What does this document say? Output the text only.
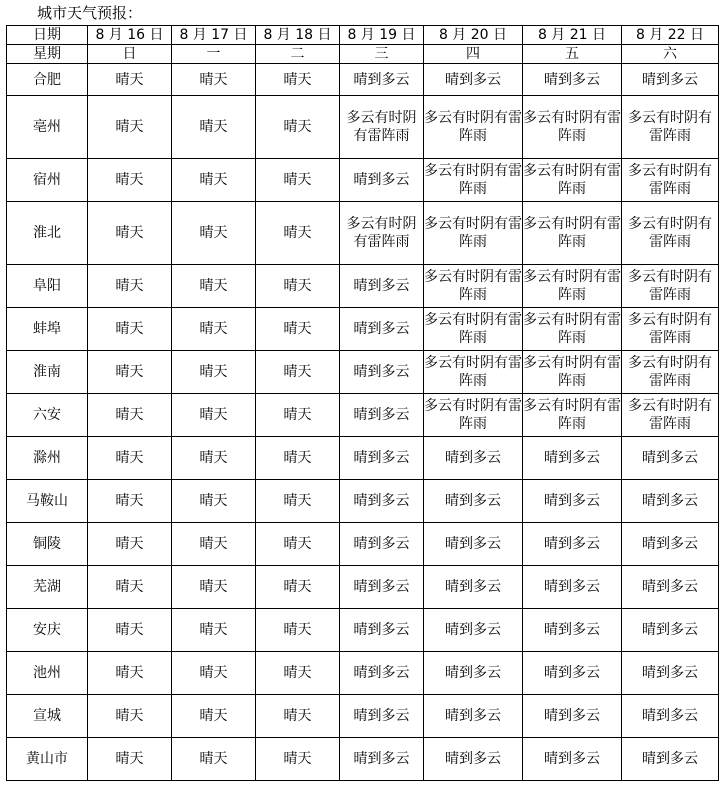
城市天气预报：
日期	8 月 16 日	8 月 17 日	8 月 18 日	8 月 19 日	8 月 20 日	8 月 21 日	8 月 22 日
星期	日	一	二	三	四	五	六
合肥	晴天	晴天	晴天	晴到多云	晴到多云	晴到多云	晴到多云
亳州	晴天	晴天	晴天	多云有时阴有雷阵雨	多云有时阴有雷阵雨	多云有时阴有雷阵雨	多云有时阴有雷阵雨
宿州	晴天	晴天	晴天	晴到多云	多云有时阴有雷阵雨	多云有时阴有雷阵雨	多云有时阴有雷阵雨
淮北	晴天	晴天	晴天	多云有时阴有雷阵雨	多云有时阴有雷阵雨	多云有时阴有雷阵雨	多云有时阴有雷阵雨
阜阳	晴天	晴天	晴天	晴到多云	多云有时阴有雷阵雨	多云有时阴有雷阵雨	多云有时阴有雷阵雨
蚌埠	晴天	晴天	晴天	晴到多云	多云有时阴有雷阵雨	多云有时阴有雷阵雨	多云有时阴有雷阵雨
淮南	晴天	晴天	晴天	晴到多云	多云有时阴有雷阵雨	多云有时阴有雷阵雨	多云有时阴有雷阵雨
六安	晴天	晴天	晴天	晴到多云	多云有时阴有雷阵雨	多云有时阴有雷阵雨	多云有时阴有雷阵雨
滁州	晴天	晴天	晴天	晴到多云	晴到多云	晴到多云	晴到多云
马鞍山	晴天	晴天	晴天	晴到多云	晴到多云	晴到多云	晴到多云
铜陵	晴天	晴天	晴天	晴到多云	晴到多云	晴到多云	晴到多云
芜湖	晴天	晴天	晴天	晴到多云	晴到多云	晴到多云	晴到多云
安庆	晴天	晴天	晴天	晴到多云	晴到多云	晴到多云	晴到多云
池州	晴天	晴天	晴天	晴到多云	晴到多云	晴到多云	晴到多云
宣城	晴天	晴天	晴天	晴到多云	晴到多云	晴到多云	晴到多云
黄山市	晴天	晴天	晴天	晴到多云	晴到多云	晴到多云	晴到多云
